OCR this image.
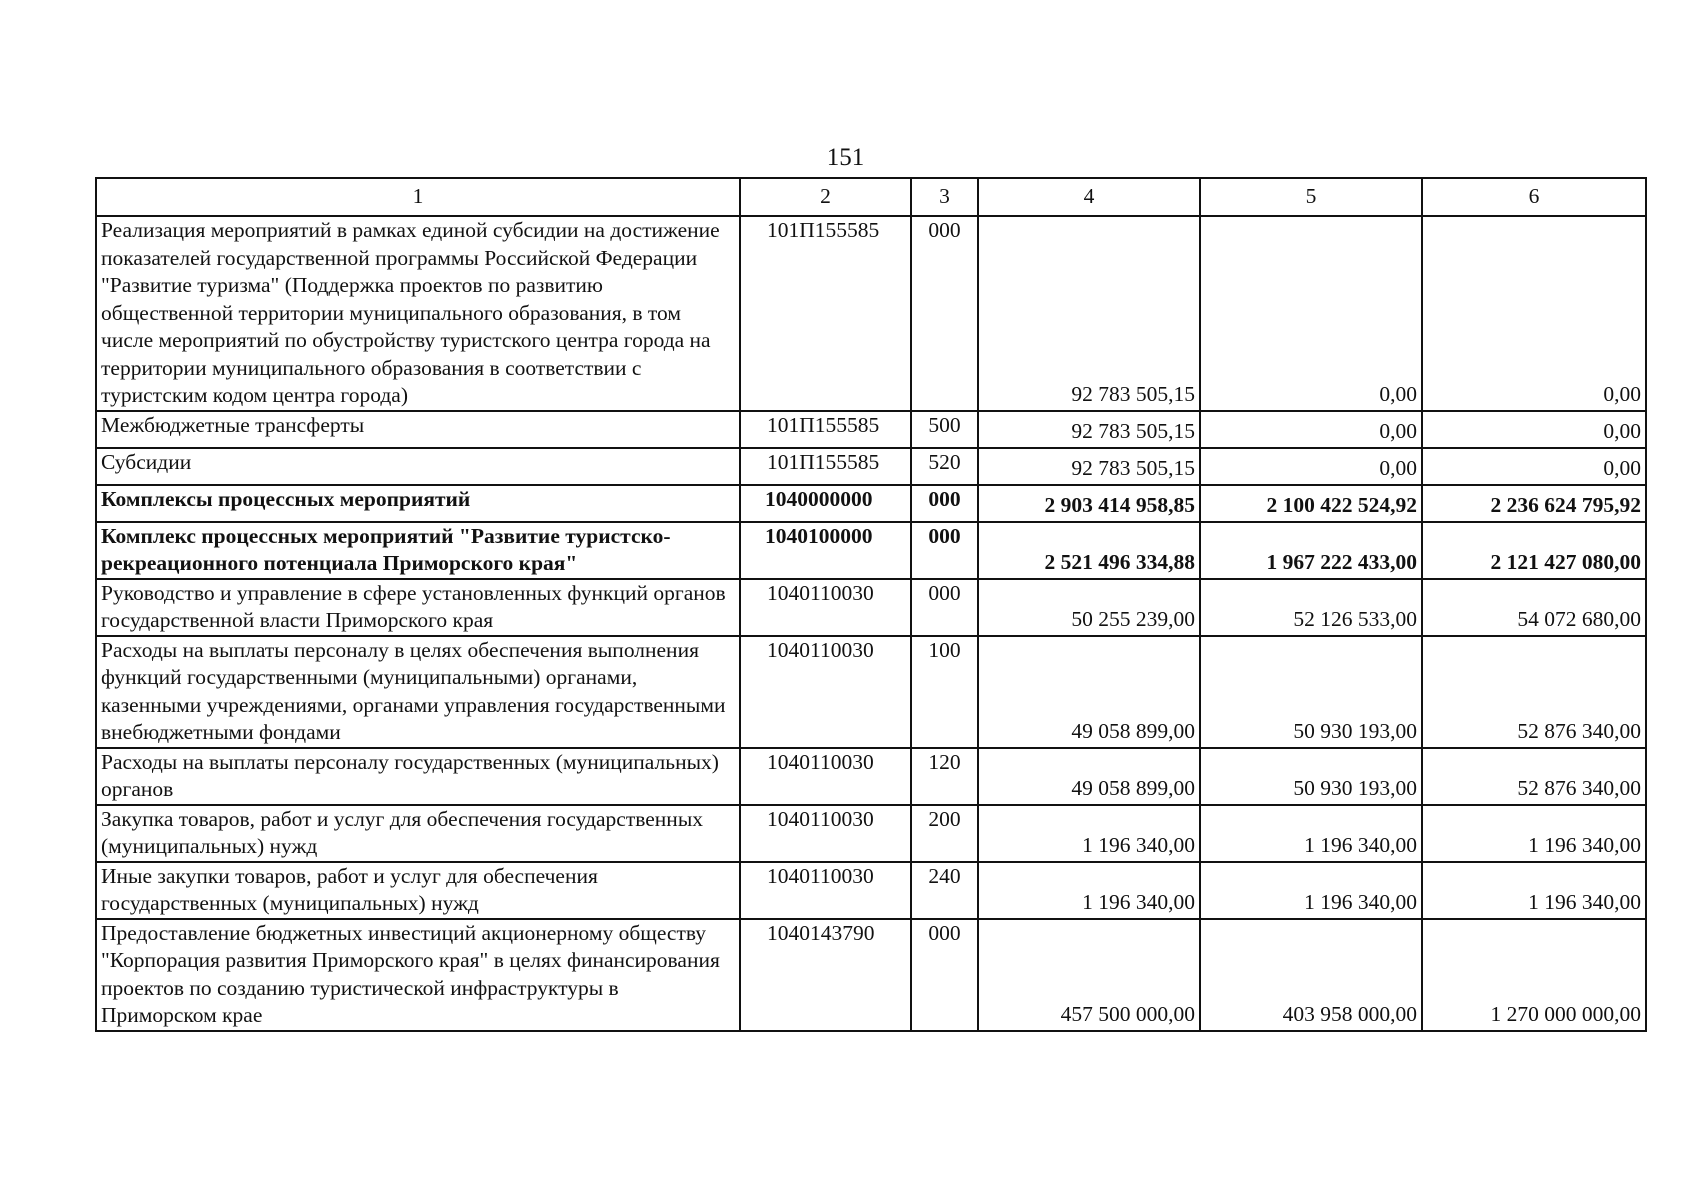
151
1	2	3	4	5	6
Реализация мероприятий в рамках единой субсидии на достижение показателей государственной программы Российской Федерации "Развитие туризма" (Поддержка проектов по развитию общественной территории муниципального образования, в том числе мероприятий по обустройству туристского центра города на территории муниципального образования в соответствии с туристским кодом центра города)	101П155585	000	92 783 505,15	0,00	0,00
Межбюджетные трансферты	101П155585	500	92 783 505,15	0,00	0,00
Субсидии	101П155585	520	92 783 505,15	0,00	0,00
Комплексы процессных мероприятий	1040000000	000	2 903 414 958,85	2 100 422 524,92	2 236 624 795,92
Комплекс процессных мероприятий "Развитие туристско-рекреационного потенциала Приморского края"	1040100000	000	2 521 496 334,88	1 967 222 433,00	2 121 427 080,00
Руководство и управление в сфере установленных функций органов государственной власти Приморского края	1040110030	000	50 255 239,00	52 126 533,00	54 072 680,00
Расходы на выплаты персоналу в целях обеспечения выполнения функций государственными (муниципальными) органами, казенными учреждениями, органами управления государственными внебюджетными фондами	1040110030	100	49 058 899,00	50 930 193,00	52 876 340,00
Расходы на выплаты персоналу государственных (муниципальных) органов	1040110030	120	49 058 899,00	50 930 193,00	52 876 340,00
Закупка товаров, работ и услуг для обеспечения государственных (муниципальных) нужд	1040110030	200	1 196 340,00	1 196 340,00	1 196 340,00
Иные закупки товаров, работ и услуг для обеспечения государственных (муниципальных) нужд	1040110030	240	1 196 340,00	1 196 340,00	1 196 340,00
Предоставление бюджетных инвестиций акционерному обществу "Корпорация развития Приморского края" в целях финансирования проектов по созданию туристической инфраструктуры в Приморском крае	1040143790	000	457 500 000,00	403 958 000,00	1 270 000 000,00
